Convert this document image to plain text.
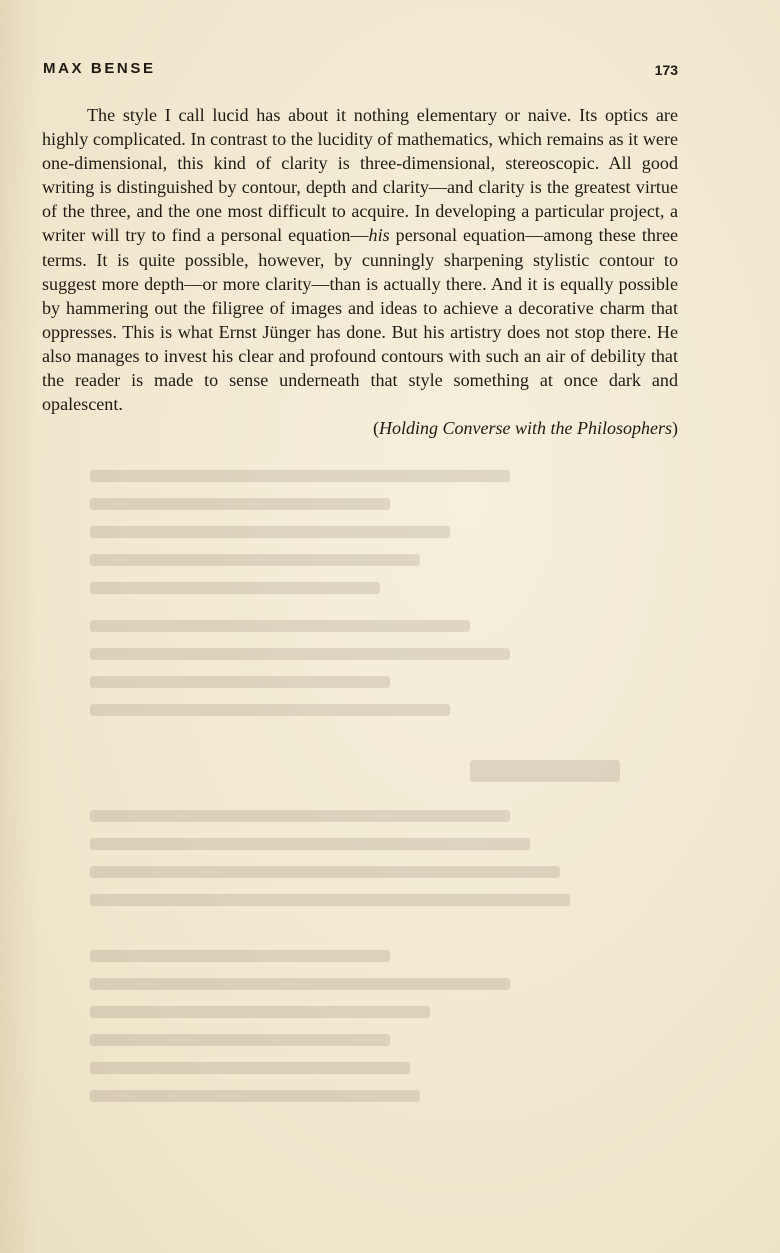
MAX BENSE	173

The style I call lucid has about it nothing elementary or naive. Its optics are highly complicated. In contrast to the lucidity of mathematics, which remains as it were one-dimensional, this kind of clarity is three-dimensional, stereoscopic. All good writing is distinguished by contour, depth and clarity—and clarity is the greatest virtue of the three, and the one most difficult to acquire. In developing a particular project, a writer will try to find a personal equation—his personal equation—among these three terms. It is quite possible, however, by cunningly sharpening stylistic contour to suggest more depth—or more clarity—than is actually there. And it is equally possible by hammering out the filigree of images and ideas to achieve a decorative charm that oppresses. This is what Ernst Jünger has done. But his artistry does not stop there. He also manages to invest his clear and profound contours with such an air of debility that the reader is made to sense underneath that style something at once dark and opalescent.

(Holding Converse with the Philosophers)
